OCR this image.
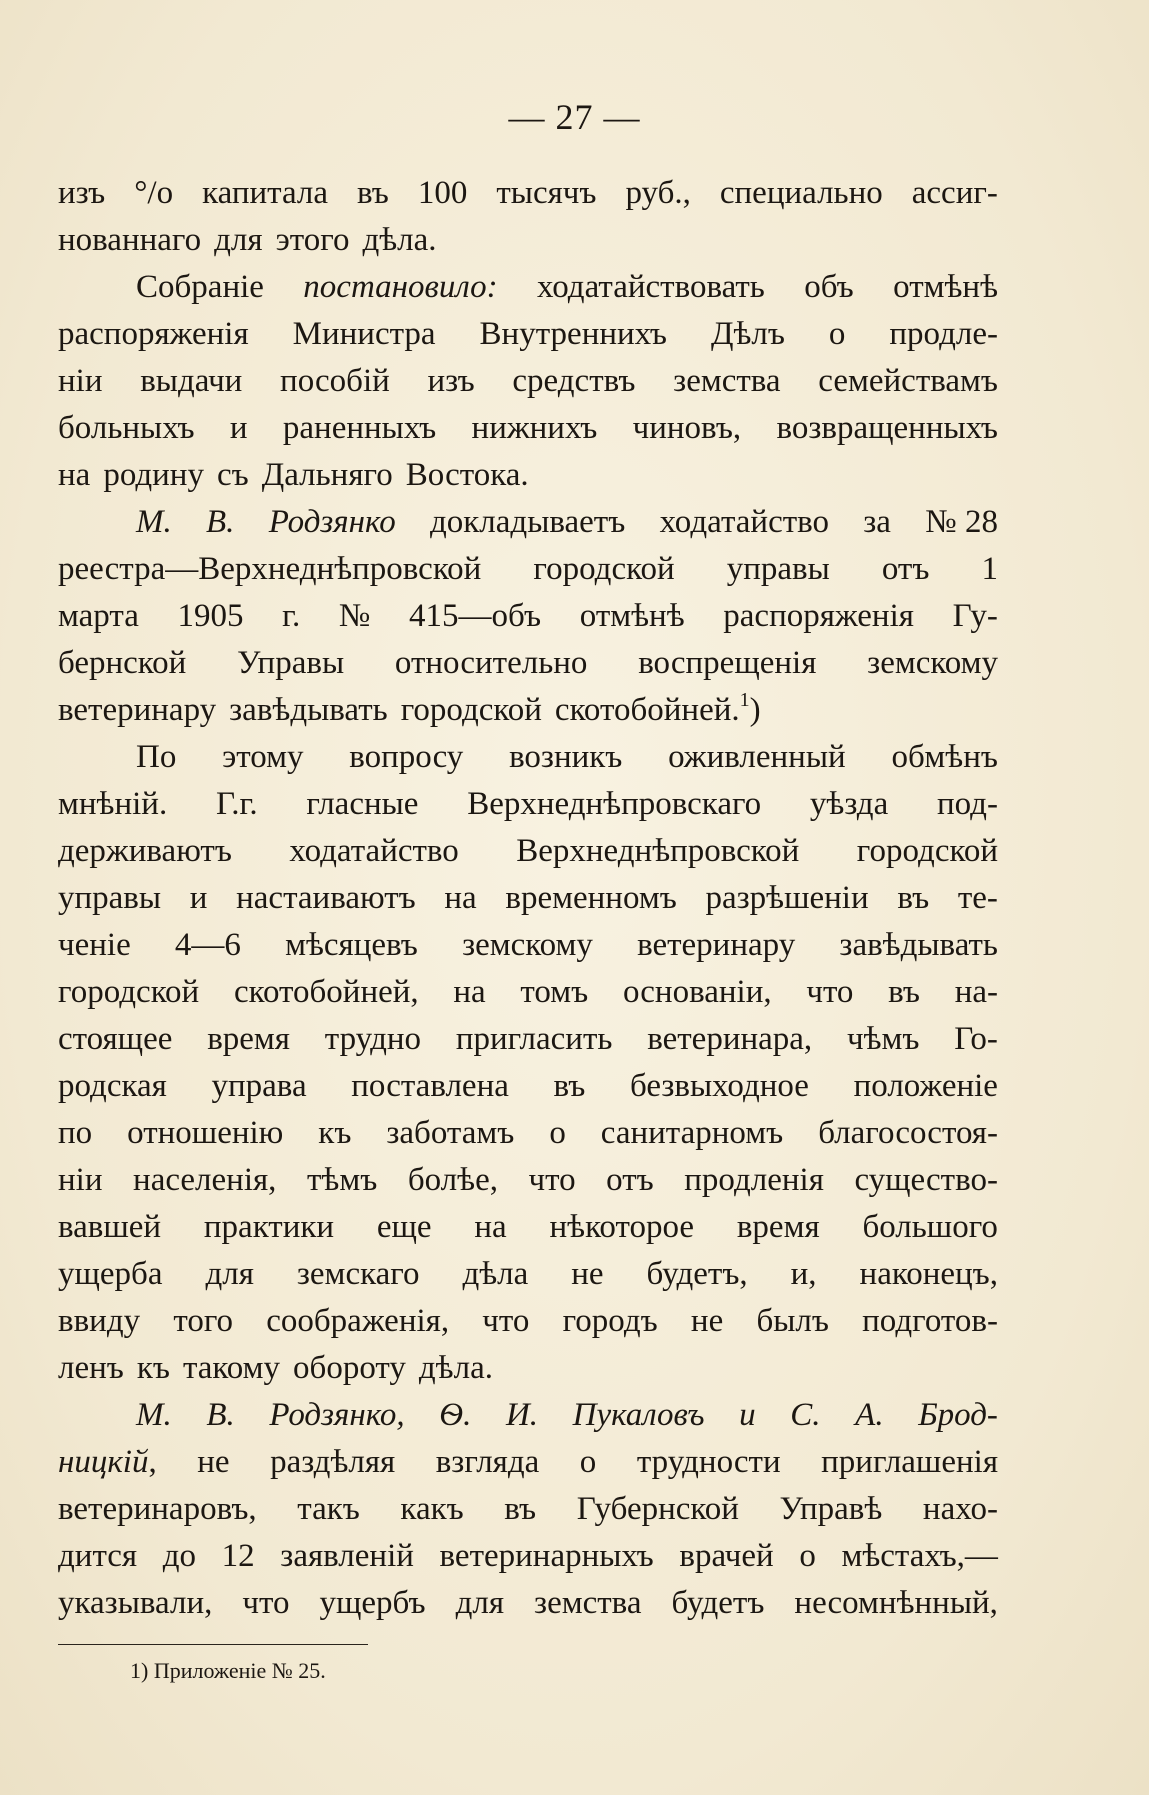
— 27 —
изъ °/о капитала въ 100 тысячъ руб., специально ассиг-
нованнаго для этого дѣла.
Собраніе постановило: ходатайствовать объ отмѣнѣ
распоряженія Министра Внутреннихъ Дѣлъ о продле-
ніи выдачи пособій изъ средствъ земства семействамъ
больныхъ и раненныхъ нижнихъ чиновъ, возвращенныхъ
на родину съ Дальняго Востока.
М. В. Родзянко докладываетъ ходатайство за № 28
реестра—Верхнеднѣпровской городской управы отъ 1
марта 1905 г. № 415—объ отмѣнѣ распоряженія Гу-
бернской Управы относительно воспрещенія земскому
ветеринару завѣдывать городской скотобойней.$^1$)
По этому вопросу возникъ оживленный обмѣнъ
мнѣній. Г.г. гласные Верхнеднѣпровскаго уѣзда под-
держиваютъ ходатайство Верхнеднѣпровской городской
управы и настаиваютъ на временномъ разрѣшеніи въ те-
ченіе 4—6 мѣсяцевъ земскому ветеринару завѣдывать
городской скотобойней, на томъ основаніи, что въ на-
стоящее время трудно пригласить ветеринара, чѣмъ Го-
родская управа поставлена въ безвыходное положеніе
по отношенію къ заботамъ о санитарномъ благосостоя-
ніи населенія, тѣмъ болѣе, что отъ продленія существо-
вавшей практики еще на нѣкоторое время большого
ущерба для земскаго дѣла не будетъ, и, наконецъ,
ввиду того соображенія, что городъ не былъ подготов-
ленъ къ такому обороту дѣла.
М. В. Родзянко, Ѳ. И. Пукаловъ и С. А. Брод-
ницкій, не раздѣляя взгляда о трудности приглашенія
ветеринаровъ, такъ какъ въ Губернской Управѣ нахо-
дится до 12 заявленій ветеринарныхъ врачей о мѣстахъ,—
указывали, что ущербъ для земства будетъ несомнѣнный,
1) Приложеніе № 25.
